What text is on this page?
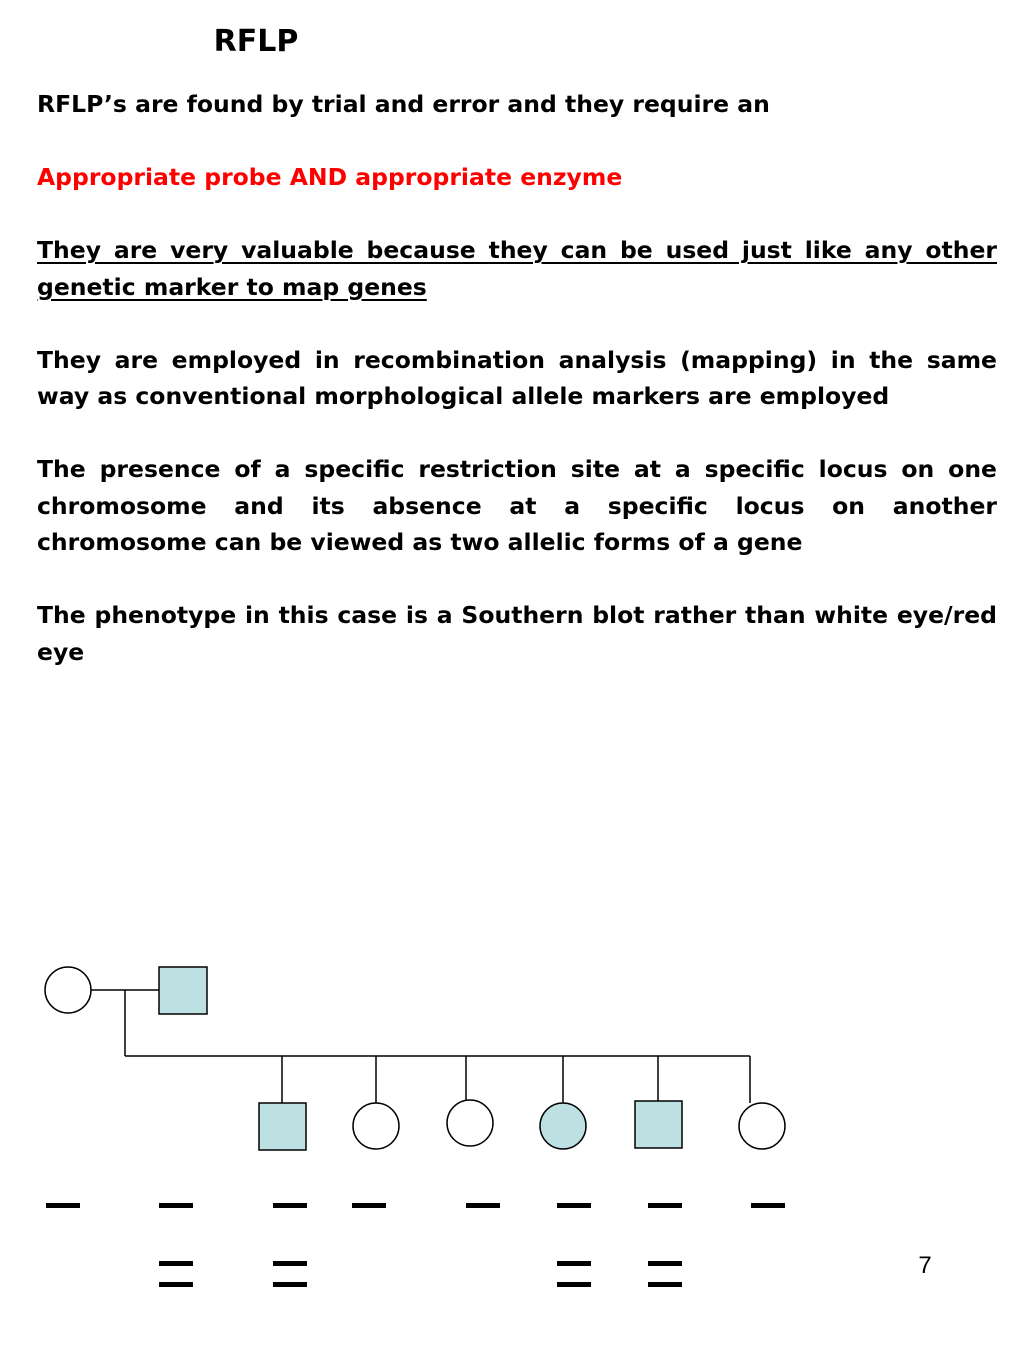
RFLP

RFLP’s are found by trial and error and they require an

Appropriate probe AND appropriate enzyme

They are very valuable because they can be used just like any other genetic marker to map genes

They are employed in recombination analysis (mapping) in the same way as conventional morphological allele markers are employed

The presence of a specific restriction site at a specific locus on one chromosome and its absence at a specific locus on another chromosome can be viewed as two allelic forms of a gene

The phenotype in this case is a Southern blot rather than white eye/red eye

7
